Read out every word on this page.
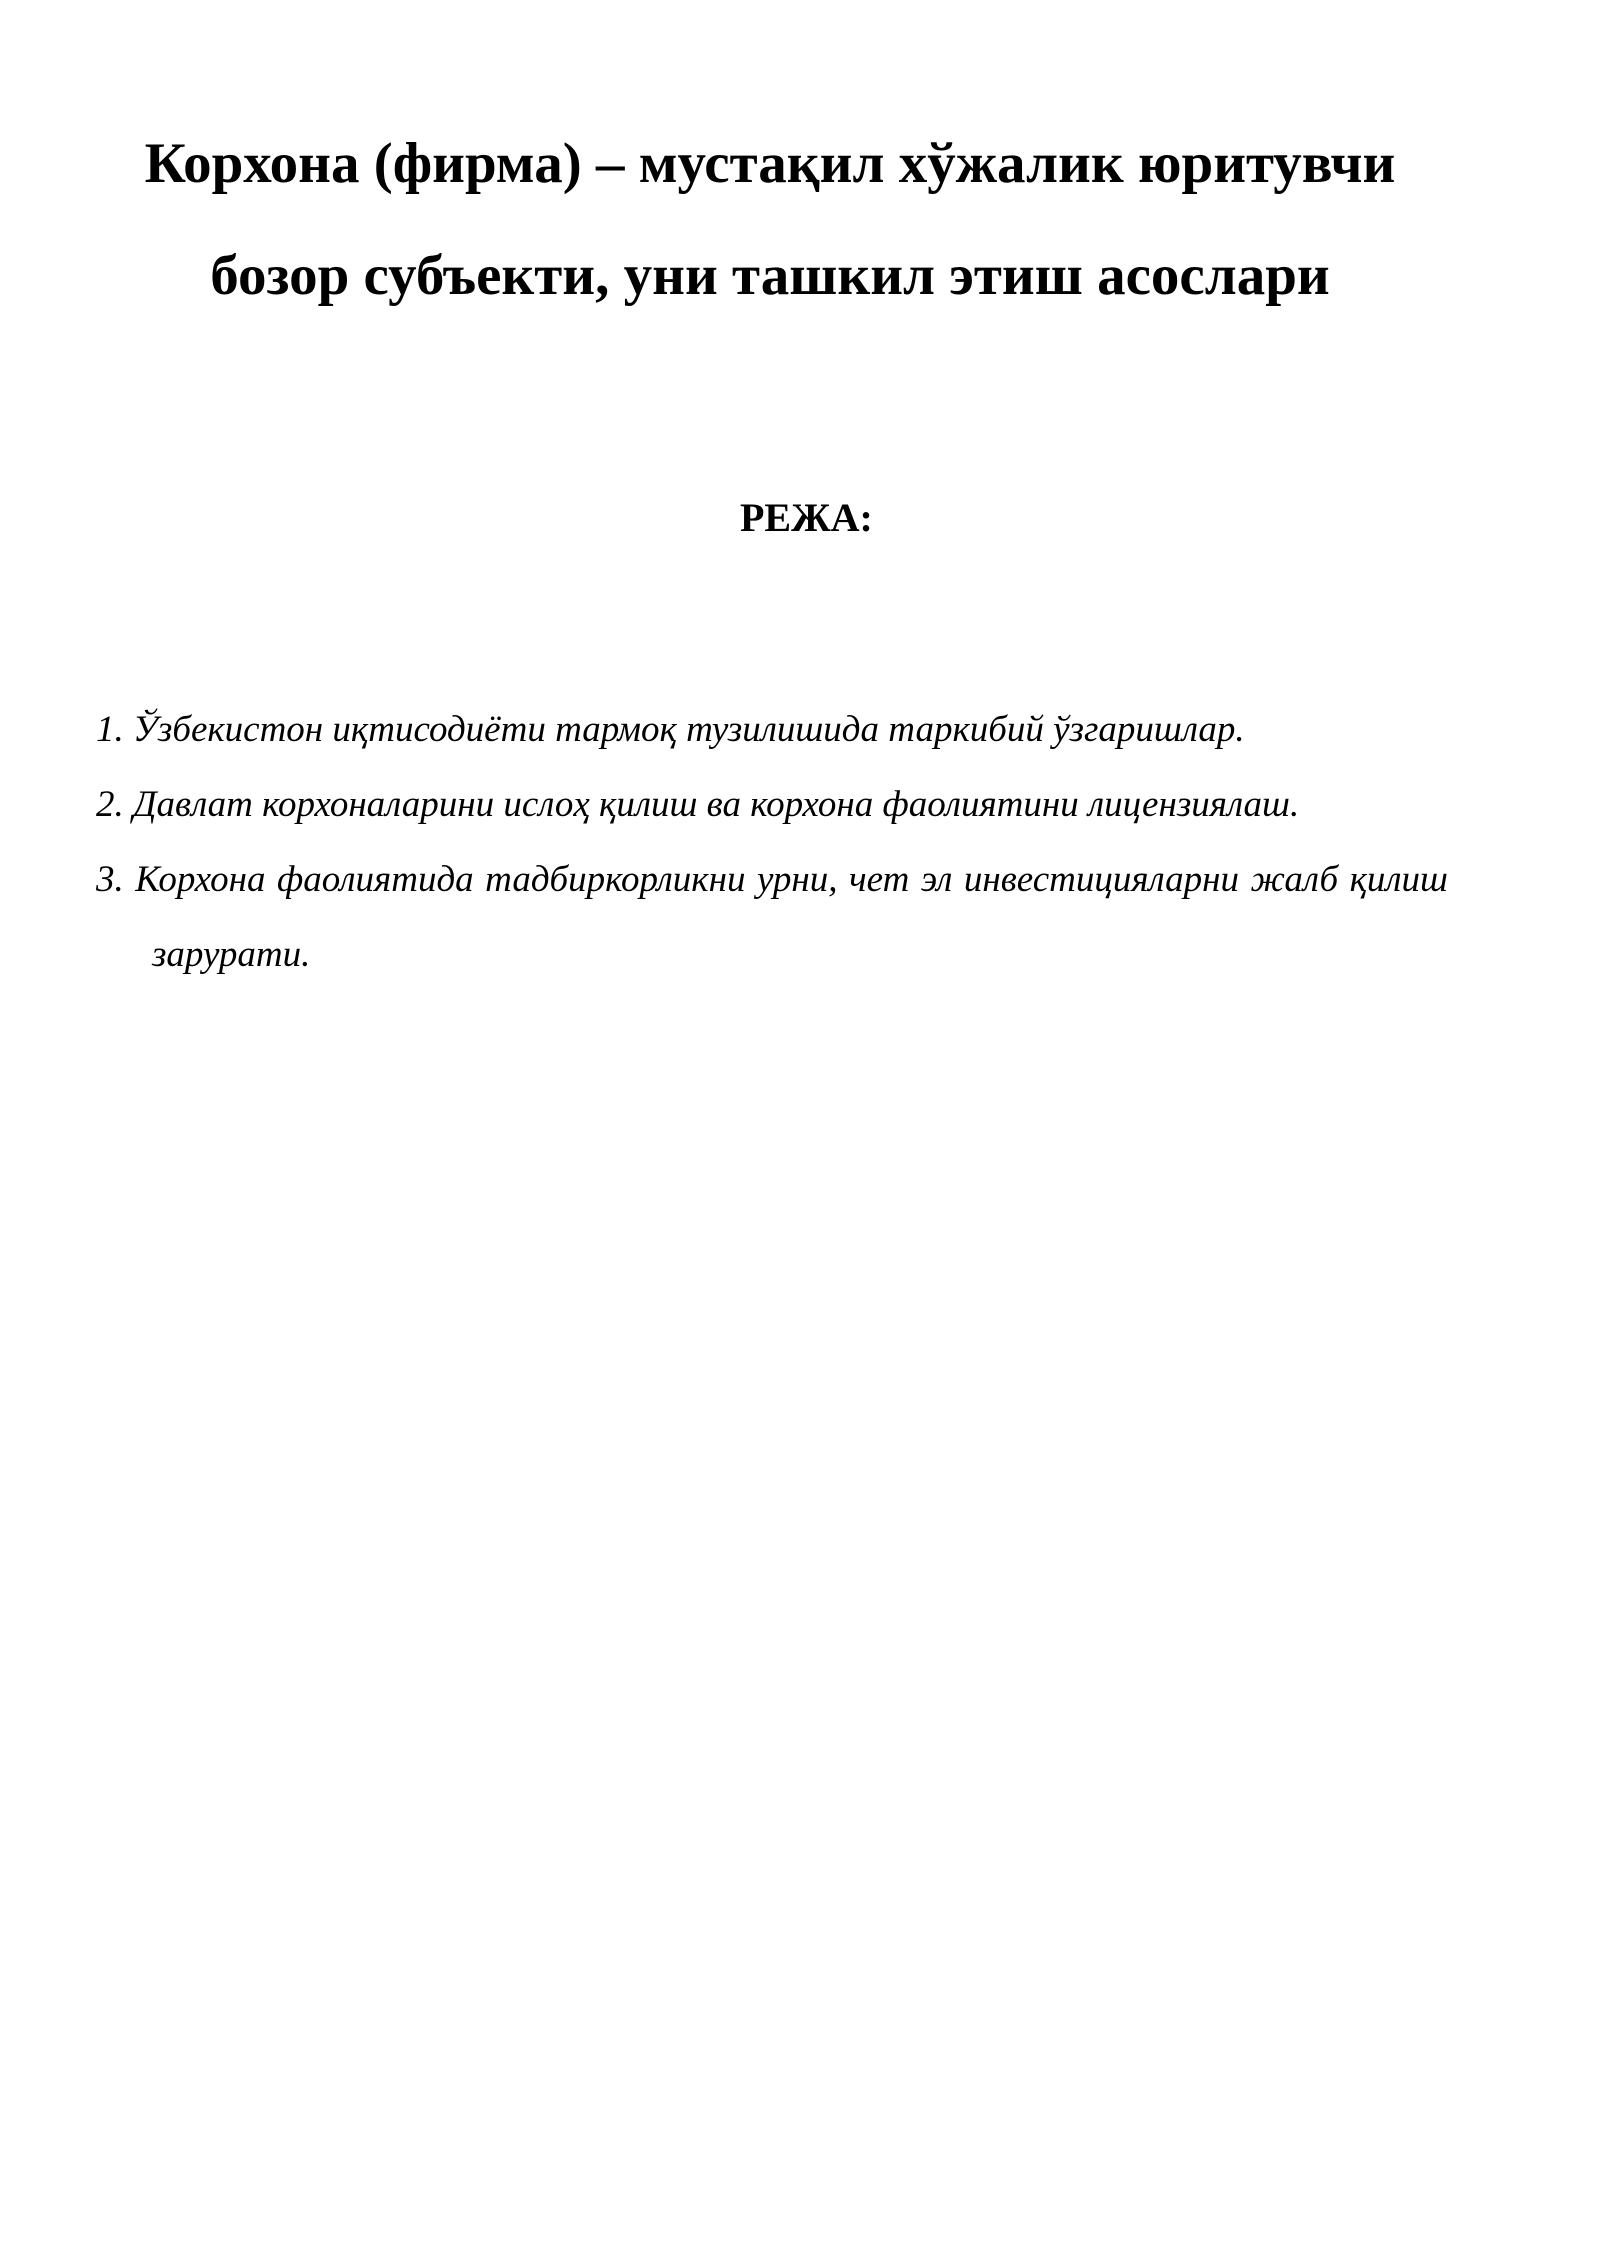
Корхона (фирма) – мустақил хўжалик юритувчи
бозор субъекти, уни ташкил этиш асослари
РЕЖА:
1. Ўзбекистон иқтисодиёти тармоқ тузилишида таркибий ўзгаришлар.
2. Давлат корхоналарини ислоҳ қилиш ва корхона фаолиятини лицензиялаш.
3. Корхона фаолиятида тадбиркорликни урни, чет эл инвестицияларни жалб қилиш зарурати.
